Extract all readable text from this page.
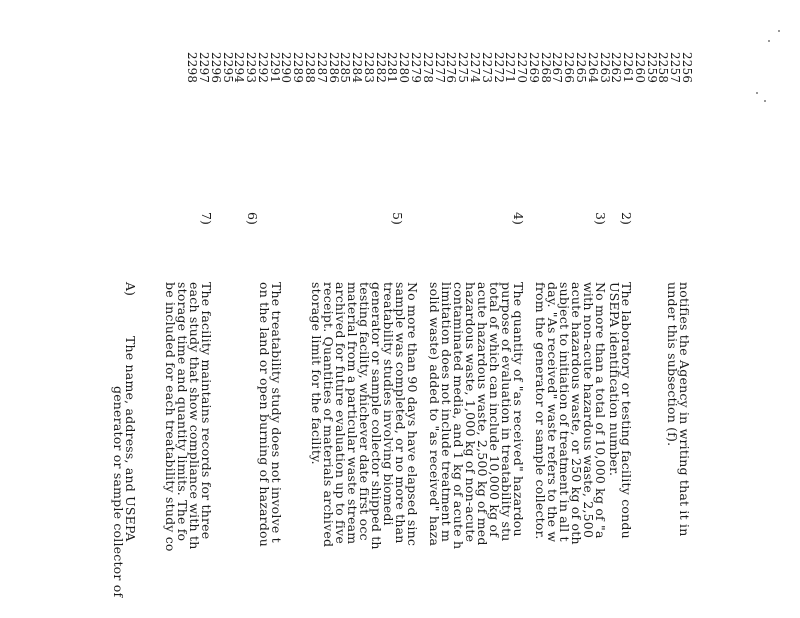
2256
2257
2258
2259
2260
2261
2262
2263
2264
2265
2266
2267
2268
2269
2270
2271
2272
2273
2274
2275
2276
2277
2278
2279
2280
2281
2282
2283
2284
2285
2286
2287
2288
2289
2290
2291
2292
2293
2294
2295
2296
2297
2298
2)
3)
4)
5)
6)
7)
A)	notifies the Agency in writing that it in
under this subsection (f).
The laboratory or testing facility condu
USEPA identification number.
No more than a total of 10,000 kg of "a
with non-acute hazardous waste, 2,500
acute hazardous waste, or 250 kg of oth
subject to initiation of treatment in all t
day. "As received" waste refers to the w
from the generator or sample collector.
The quantity of "as received" hazardou
purpose of evaluation in treatability stu
total of which can include 10,000 kg of
acute hazardous waste, 2,500 kg of med
hazardous waste, 1,000 kg of non-acute
contaminated media, and 1 kg of acute h
limitation does not include treatment m
solid waste) added to "as received" haza
No more than 90 days have elapsed sinc
sample was completed, or no more than
treatability studies involving biomedi
generator or sample collector shipped th
testing facility, whichever date first occ
material from a particular waste stream
archived for future evaluation up to five
receipt. Quantities of materials archived
storage limit for the facility.
The treatability study does not involve t
on the land or open burning of hazardou
The facility maintains records for three
each study that show compliance with th
storage time and quantity limits. The fo
be included for each treatability study co
The name, address, and USEPA
generator or sample collector of
